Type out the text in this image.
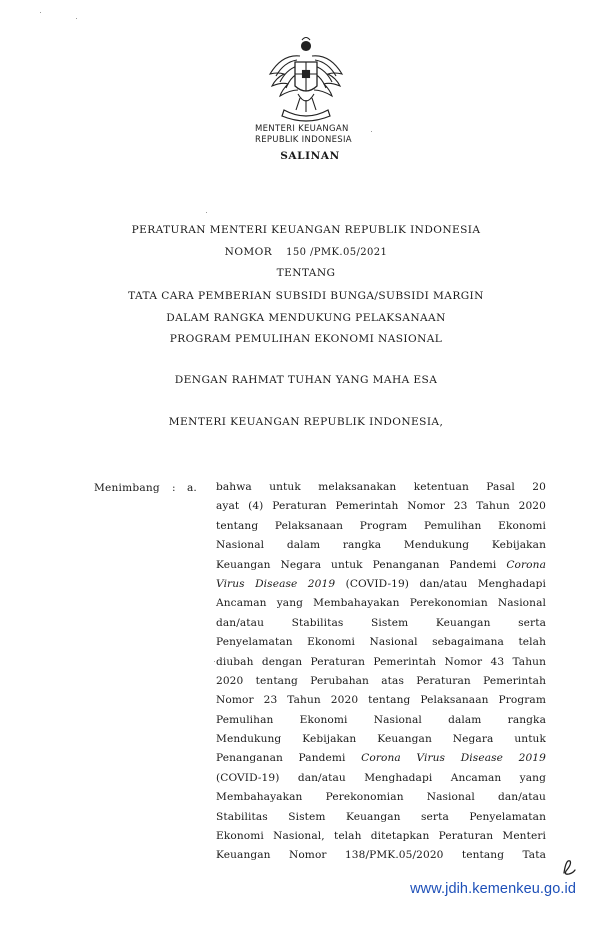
MENTERI KEUANGAN
REPUBLIK INDONESIA
SALINAN
PERATURAN MENTERI KEUANGAN REPUBLIK INDONESIA
NOMOR 150 /PMK.05/2021
TENTANG
TATA CARA PEMBERIAN SUBSIDI BUNGA/SUBSIDI MARGIN
DALAM RANGKA MENDUKUNG PELAKSANAAN
PROGRAM PEMULIHAN EKONOMI NASIONAL
DENGAN RAHMAT TUHAN YANG MAHA ESA
MENTERI KEUANGAN REPUBLIK INDONESIA,
Menimbang : a. bahwa untuk melaksanakan ketentuan Pasal 20
ayat (4) Peraturan Pemerintah Nomor 23 Tahun 2020
tentang Pelaksanaan Program Pemulihan Ekonomi
Nasional dalam rangka Mendukung Kebijakan
Keuangan Negara untuk Penanganan Pandemi Corona
Virus Disease 2019 (COVID-19) dan/atau Menghadapi
Ancaman yang Membahayakan Perekonomian Nasional
dan/atau Stabilitas Sistem Keuangan serta
Penyelamatan Ekonomi Nasional sebagaimana telah
diubah dengan Peraturan Pemerintah Nomor 43 Tahun
2020 tentang Perubahan atas Peraturan Pemerintah
Nomor 23 Tahun 2020 tentang Pelaksanaan Program
Pemulihan Ekonomi Nasional dalam rangka
Mendukung Kebijakan Keuangan Negara untuk
Penanganan Pandemi Corona Virus Disease 2019
(COVID-19) dan/atau Menghadapi Ancaman yang
Membahayakan Perekonomian Nasional dan/atau
Stabilitas Sistem Keuangan serta Penyelamatan
Ekonomi Nasional, telah ditetapkan Peraturan Menteri
Keuangan Nomor 138/PMK.05/2020 tentang Tata
www.jdih.kemenkeu.go.id
